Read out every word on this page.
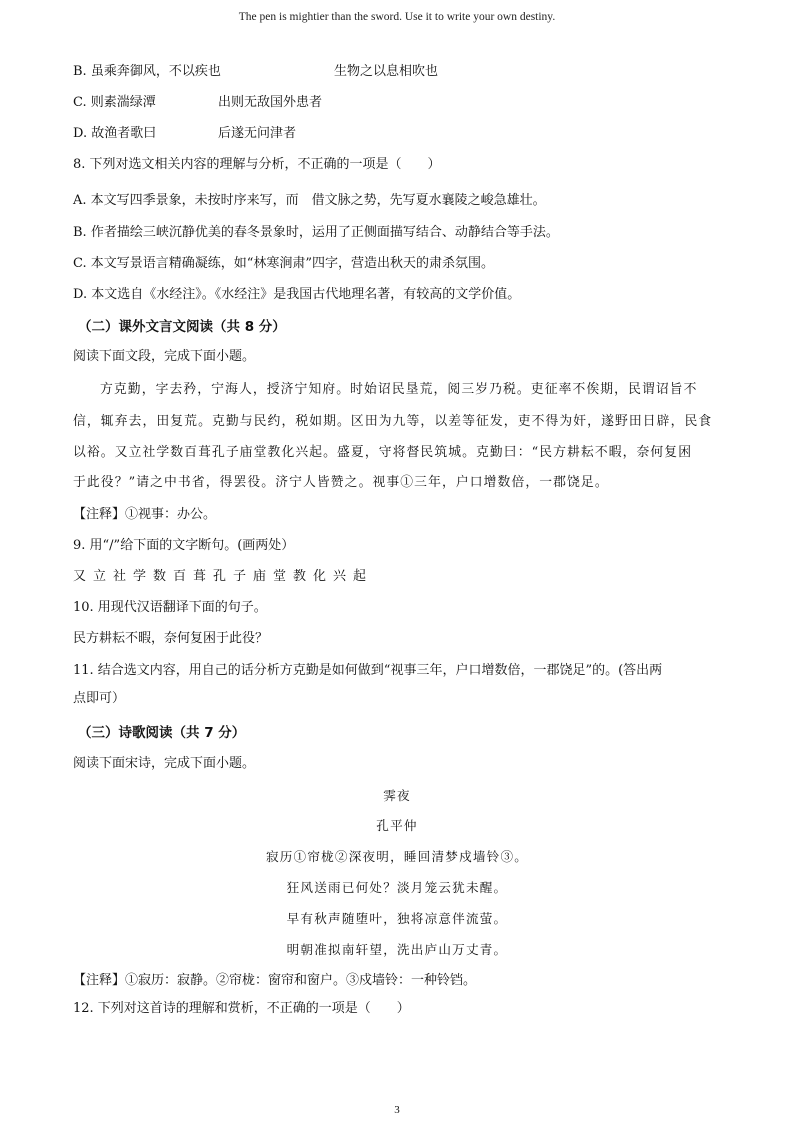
The pen is mightier than the sword. Use it to write your own destiny.
B. 虽乘奔御风，不以疾也	生物之以息相吹也
C. 则素湍绿潭	出则无敌国外患者
D. 故渔者歌曰	后遂无问津者
8. 下列对选文相关内容的理解与分析，不正确的一项是（　　）
A. 本文写四季景象，未按时序来写，而　借文脉之势，先写夏水襄陵之峻急雄壮。
B. 作者描绘三峡沉静优美的春冬景象时，运用了正侧面描写结合、动静结合等手法。
C. 本文写景语言精确凝练，如“林寒涧肃”四字，营造出秋天的肃杀氛围。
D. 本文选自《水经注》。《水经注》是我国古代地理名著，有较高的文学价值。
（二）课外文言文阅读（共 8 分）
阅读下面文段，完成下面小题。
方克勤，字去矜，宁海人，授济宁知府。时始诏民垦荒，阅三岁乃税。吏征率不俟期，民谓诏旨不
信，辄弃去，田复荒。克勤与民约，税如期。区田为九等，以差等征发，吏不得为奸，遂野田日辟，民食
以裕。又立社学数百葺孔子庙堂教化兴起。盛夏，守将督民筑城。克勤曰：“民方耕耘不暇，奈何复困
于此役？”请之中书省，得罢役。济宁人皆赞之。视事①三年，户口增数倍，一郡饶足。
【注释】①视事：办公。
9. 用“/”给下面的文字断句。(画两处）
又立社学数百葺孔子庙堂教化兴起
10. 用现代汉语翻译下面的句子。
民方耕耘不暇，奈何复困于此役？
11. 结合选文内容，用自己的话分析方克勤是如何做到“视事三年，户口增数倍，一郡饶足”的。(答出两
点即可）
（三）诗歌阅读（共 7 分）
阅读下面宋诗，完成下面小题。
霁夜
孔平仲
寂历①帘栊②深夜明，睡回清梦戍墙铃③。
狂风送雨已何处？淡月笼云犹未醒。
早有秋声随堕叶，独将凉意伴流萤。
明朝准拟南轩望，洗出庐山万丈青。
【注释】①寂历：寂静。②帘栊：窗帘和窗户。③戍墙铃：一种铃铛。
12. 下列对这首诗的理解和赏析，不正确的一项是（　　）
3
